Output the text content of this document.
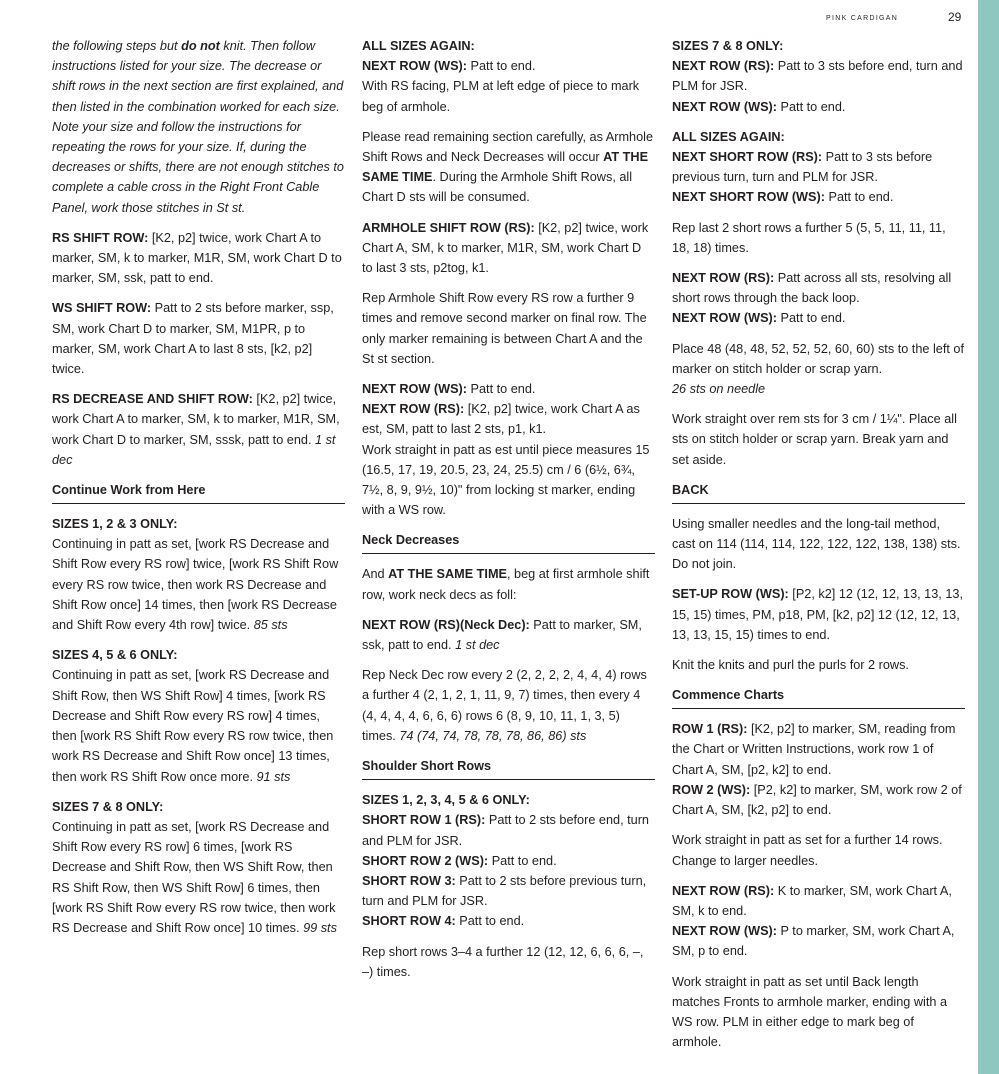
PINK CARDIGAN	29

the following steps but do not knit. Then follow instructions listed for your size. The decrease or shift rows in the next section are first explained, and then listed in the combination worked for each size. Note your size and follow the instructions for repeating the rows for your size. If, during the decreases or shifts, there are not enough stitches to complete a cable cross in the Right Front Cable Panel, work those stitches in St st.

RS SHIFT ROW: [K2, p2] twice, work Chart A to marker, SM, k to marker, M1R, SM, work Chart D to marker, SM, ssk, patt to end.

WS SHIFT ROW: Patt to 2 sts before marker, ssp, SM, work Chart D to marker, SM, M1PR, p to marker, SM, work Chart A to last 8 sts, [k2, p2] twice.

RS DECREASE AND SHIFT ROW: [K2, p2] twice, work Chart A to marker, SM, k to marker, M1R, SM, work Chart D to marker, SM, sssk, patt to end. 1 st dec

Continue Work from Here

SIZES 1, 2 & 3 ONLY:
Continuing in patt as set, [work RS Decrease and Shift Row every RS row] twice, [work RS Shift Row every RS row twice, then work RS Decrease and Shift Row once] 14 times, then [work RS Decrease and Shift Row every 4th row] twice. 85 sts

SIZES 4, 5 & 6 ONLY:
Continuing in patt as set, [work RS Decrease and Shift Row, then WS Shift Row] 4 times, [work RS Decrease and Shift Row every RS row] 4 times, then [work RS Shift Row every RS row twice, then work RS Decrease and Shift Row once] 13 times, then work RS Shift Row once more. 91 sts

SIZES 7 & 8 ONLY:
Continuing in patt as set, [work RS Decrease and Shift Row every RS row] 6 times, [work RS Decrease and Shift Row, then WS Shift Row, then RS Shift Row, then WS Shift Row] 6 times, then [work RS Shift Row every RS row twice, then work RS Decrease and Shift Row once] 10 times. 99 sts

ALL SIZES AGAIN:
NEXT ROW (WS): Patt to end.
With RS facing, PLM at left edge of piece to mark beg of armhole.

Please read remaining section carefully, as Armhole Shift Rows and Neck Decreases will occur AT THE SAME TIME. During the Armhole Shift Rows, all Chart D sts will be consumed.

ARMHOLE SHIFT ROW (RS): [K2, p2] twice, work Chart A, SM, k to marker, M1R, SM, work Chart D to last 3 sts, p2tog, k1.

Rep Armhole Shift Row every RS row a further 9 times and remove second marker on final row. The only marker remaining is between Chart A and the St st section.

NEXT ROW (WS): Patt to end.
NEXT ROW (RS): [K2, p2] twice, work Chart A as est, SM, patt to last 2 sts, p1, k1.
Work straight in patt as est until piece measures 15 (16.5, 17, 19, 20.5, 23, 24, 25.5) cm / 6 (6½, 6¾, 7½, 8, 9, 9½, 10)" from locking st marker, ending with a WS row.

Neck Decreases

And AT THE SAME TIME, beg at first armhole shift row, work neck decs as foll:

NEXT ROW (RS)(Neck Dec): Patt to marker, SM, ssk, patt to end. 1 st dec

Rep Neck Dec row every 2 (2, 2, 2, 2, 4, 4, 4) rows a further 4 (2, 1, 2, 1, 11, 9, 7) times, then every 4 (4, 4, 4, 4, 6, 6, 6) rows 6 (8, 9, 10, 11, 1, 3, 5) times. 74 (74, 74, 78, 78, 78, 86, 86) sts

Shoulder Short Rows

SIZES 1, 2, 3, 4, 5 & 6 ONLY:
SHORT ROW 1 (RS): Patt to 2 sts before end, turn and PLM for JSR.
SHORT ROW 2 (WS): Patt to end.
SHORT ROW 3: Patt to 2 sts before previous turn, turn and PLM for JSR.
SHORT ROW 4: Patt to end.

Rep short rows 3–4 a further 12 (12, 12, 6, 6, 6, –, –) times.

SIZES 7 & 8 ONLY:
NEXT ROW (RS): Patt to 3 sts before end, turn and PLM for JSR.
NEXT ROW (WS): Patt to end.

ALL SIZES AGAIN:
NEXT SHORT ROW (RS): Patt to 3 sts before previous turn, turn and PLM for JSR.
NEXT SHORT ROW (WS): Patt to end.

Rep last 2 short rows a further 5 (5, 5, 11, 11, 11, 18, 18) times.

NEXT ROW (RS): Patt across all sts, resolving all short rows through the back loop.
NEXT ROW (WS): Patt to end.

Place 48 (48, 48, 52, 52, 52, 60, 60) sts to the left of marker on stitch holder or scrap yarn.
26 sts on needle

Work straight over rem sts for 3 cm / 1¼". Place all sts on stitch holder or scrap yarn. Break yarn and set aside.

BACK

Using smaller needles and the long-tail method, cast on 114 (114, 114, 122, 122, 122, 138, 138) sts. Do not join.

SET-UP ROW (WS): [P2, k2] 12 (12, 12, 13, 13, 13, 15, 15) times, PM, p18, PM, [k2, p2] 12 (12, 12, 13, 13, 13, 15, 15) times to end.

Knit the knits and purl the purls for 2 rows.

Commence Charts

ROW 1 (RS): [K2, p2] to marker, SM, reading from the Chart or Written Instructions, work row 1 of Chart A, SM, [p2, k2] to end.
ROW 2 (WS): [P2, k2] to marker, SM, work row 2 of Chart A, SM, [k2, p2] to end.

Work straight in patt as set for a further 14 rows. Change to larger needles.

NEXT ROW (RS): K to marker, SM, work Chart A, SM, k to end.
NEXT ROW (WS): P to marker, SM, work Chart A, SM, p to end.

Work straight in patt as set until Back length matches Fronts to armhole marker, ending with a WS row. PLM in either edge to mark beg of armhole.
